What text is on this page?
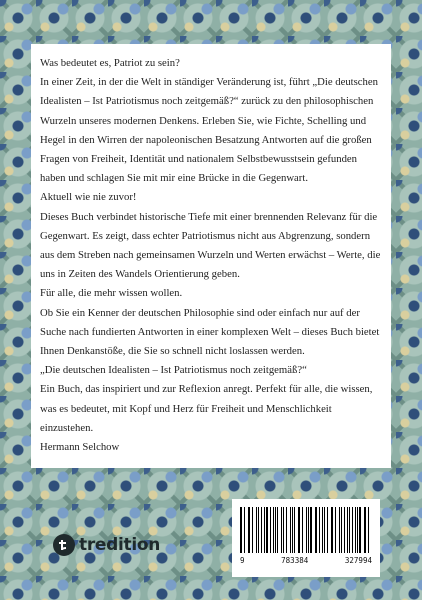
Was bedeutet es, Patriot zu sein?

In einer Zeit, in der die Welt in ständiger Veränderung ist, führt „Die deutschen Idealisten – Ist Patriotismus noch zeitgemäß?“ zurück zu den philosophischen Wurzeln unseres modernen Denkens. Erleben Sie, wie Fichte, Schelling und Hegel in den Wirren der napoleonischen Besatzung Antworten auf die großen Fragen von Freiheit, Identität und nationalem Selbstbewusstsein gefunden haben und schlagen Sie mit mir eine Brücke in die Gegenwart.

Aktuell wie nie zuvor!

Dieses Buch verbindet historische Tiefe mit einer brennenden Relevanz für die Gegenwart. Es zeigt, dass echter Patriotismus nicht aus Abgrenzung, sondern aus dem Streben nach gemeinsamen Wurzeln und Werten erwächst – Werte, die uns in Zeiten des Wandels Orientierung geben.

Für alle, die mehr wissen wollen.

Ob Sie ein Kenner der deutschen Philosophie sind oder einfach nur auf der Suche nach fundierten Antworten in einer komplexen Welt – dieses Buch bietet Ihnen Denkanstöße, die Sie so schnell nicht loslassen werden.

„Die deutschen Idealisten – Ist Patriotismus noch zeitgemäß?“

Ein Buch, das inspiriert und zur Reflexion anregt. Perfekt für alle, die wissen, was es bedeutet, mit Kopf und Herz für Freiheit und Menschlichkeit einzustehen.

Hermann Selchow

tredition
9	783384	327994
